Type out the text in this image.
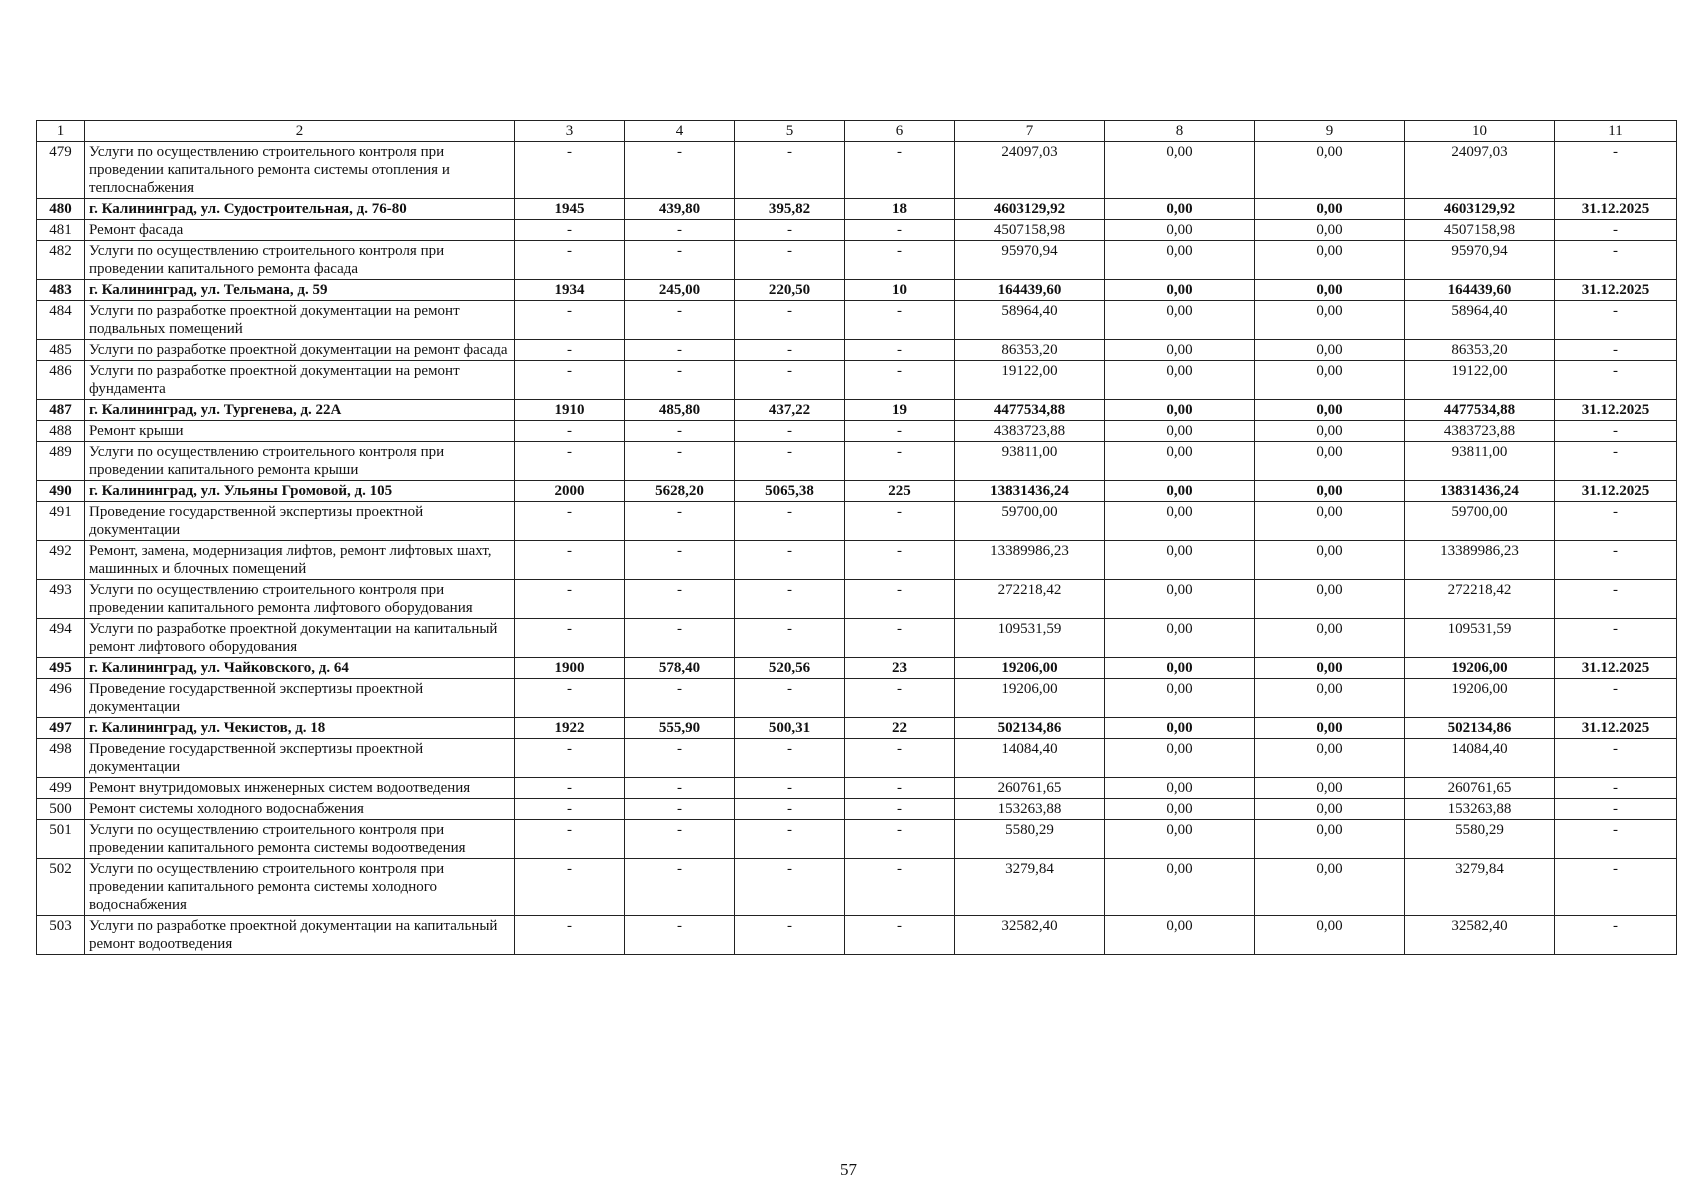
1	2	3	4	5	6	7	8	9	10	11
479	Услуги по осуществлению строительного контроля при проведении капитального ремонта системы отопления и теплоснабжения	-	-	-	-	24097,03	0,00	0,00	24097,03	-
480	г. Калининград, ул. Судостроительная, д. 76-80	1945	439,80	395,82	18	4603129,92	0,00	0,00	4603129,92	31.12.2025
481	Ремонт фасада	-	-	-	-	4507158,98	0,00	0,00	4507158,98	-
482	Услуги по осуществлению строительного контроля при проведении капитального ремонта фасада	-	-	-	-	95970,94	0,00	0,00	95970,94	-
483	г. Калининград, ул. Тельмана, д. 59	1934	245,00	220,50	10	164439,60	0,00	0,00	164439,60	31.12.2025
484	Услуги по разработке проектной документации на ремонт подвальных помещений	-	-	-	-	58964,40	0,00	0,00	58964,40	-
485	Услуги по разработке проектной документации на ремонт фасада	-	-	-	-	86353,20	0,00	0,00	86353,20	-
486	Услуги по разработке проектной документации на ремонт фундамента	-	-	-	-	19122,00	0,00	0,00	19122,00	-
487	г. Калининград, ул. Тургенева, д. 22А	1910	485,80	437,22	19	4477534,88	0,00	0,00	4477534,88	31.12.2025
488	Ремонт крыши	-	-	-	-	4383723,88	0,00	0,00	4383723,88	-
489	Услуги по осуществлению строительного контроля при проведении капитального ремонта крыши	-	-	-	-	93811,00	0,00	0,00	93811,00	-
490	г. Калининград, ул. Ульяны Громовой, д. 105	2000	5628,20	5065,38	225	13831436,24	0,00	0,00	13831436,24	31.12.2025
491	Проведение государственной экспертизы проектной документации	-	-	-	-	59700,00	0,00	0,00	59700,00	-
492	Ремонт, замена, модернизация лифтов, ремонт лифтовых шахт, машинных и блочных помещений	-	-	-	-	13389986,23	0,00	0,00	13389986,23	-
493	Услуги по осуществлению строительного контроля при проведении капитального ремонта лифтового оборудования	-	-	-	-	272218,42	0,00	0,00	272218,42	-
494	Услуги по разработке проектной документации на капитальный ремонт лифтового оборудования	-	-	-	-	109531,59	0,00	0,00	109531,59	-
495	г. Калининград, ул. Чайковского, д. 64	1900	578,40	520,56	23	19206,00	0,00	0,00	19206,00	31.12.2025
496	Проведение государственной экспертизы проектной документации	-	-	-	-	19206,00	0,00	0,00	19206,00	-
497	г. Калининград, ул. Чекистов, д. 18	1922	555,90	500,31	22	502134,86	0,00	0,00	502134,86	31.12.2025
498	Проведение государственной экспертизы проектной документации	-	-	-	-	14084,40	0,00	0,00	14084,40	-
499	Ремонт внутридомовых инженерных систем водоотведения	-	-	-	-	260761,65	0,00	0,00	260761,65	-
500	Ремонт системы холодного водоснабжения	-	-	-	-	153263,88	0,00	0,00	153263,88	-
501	Услуги по осуществлению строительного контроля при проведении капитального ремонта системы водоотведения	-	-	-	-	5580,29	0,00	0,00	5580,29	-
502	Услуги по осуществлению строительного контроля при проведении капитального ремонта системы холодного водоснабжения	-	-	-	-	3279,84	0,00	0,00	3279,84	-
503	Услуги по разработке проектной документации на капитальный ремонт водоотведения	-	-	-	-	32582,40	0,00	0,00	32582,40	-
57
